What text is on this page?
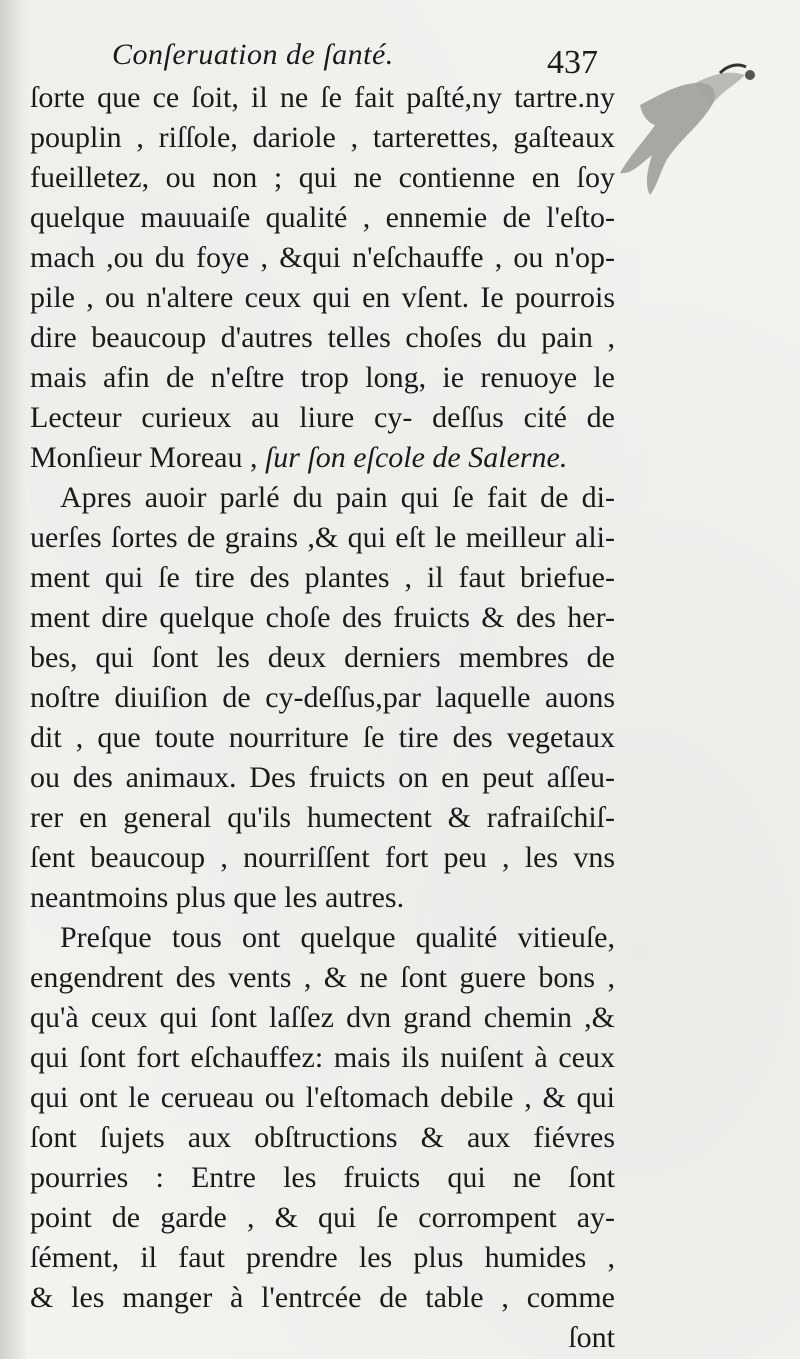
Conſeruation de ſanté.	437
ſorte que ce ſoit, il ne ſe fait paſté,ny tartre.ny
pouplin , riſſole, dariole , tarterettes, gaſteaux
fueilletez, ou non ; qui ne contienne en ſoy
quelque mauuaiſe qualité , ennemie de l'eſto-
mach ,ou du foye , &qui n'eſchauffe , ou n'op-
pile , ou n'altere ceux qui en vſent. Ie pourrois
dire beaucoup d'autres telles choſes du pain ,
mais afin de n'eſtre trop long, ie renuoye le
Lecteur curieux au liure cy- deſſus cité de
Monſieur Moreau , ſur ſon eſcole de Salerne.
Apres auoir parlé du pain qui ſe fait de di-
uerſes ſortes de grains ,& qui eſt le meilleur ali-
ment qui ſe tire des plantes , il faut briefue-
ment dire quelque choſe des fruicts & des her-
bes, qui ſont les deux derniers membres de
noſtre diuiſion de cy-deſſus,par laquelle auons
dit , que toute nourriture ſe tire des vegetaux
ou des animaux. Des fruicts on en peut aſſeu-
rer en general qu'ils humectent & rafraiſchiſ-
ſent beaucoup , nourriſſent fort peu , les vns
neantmoins plus que les autres.
Preſque tous ont quelque qualité vitieuſe,
engendrent des vents , & ne ſont guere bons ,
qu'à ceux qui ſont laſſez dvn grand chemin ,&
qui ſont fort eſchauffez: mais ils nuiſent à ceux
qui ont le cerueau ou l'eſtomach debile , & qui
ſont ſujets aux obſtructions & aux fiévres
pourries : Entre les fruicts qui ne ſont
point de garde , & qui ſe corrompent ay-
ſément, il faut prendre les plus humides ,
& les manger à l'entrcée de table , comme
ſont
